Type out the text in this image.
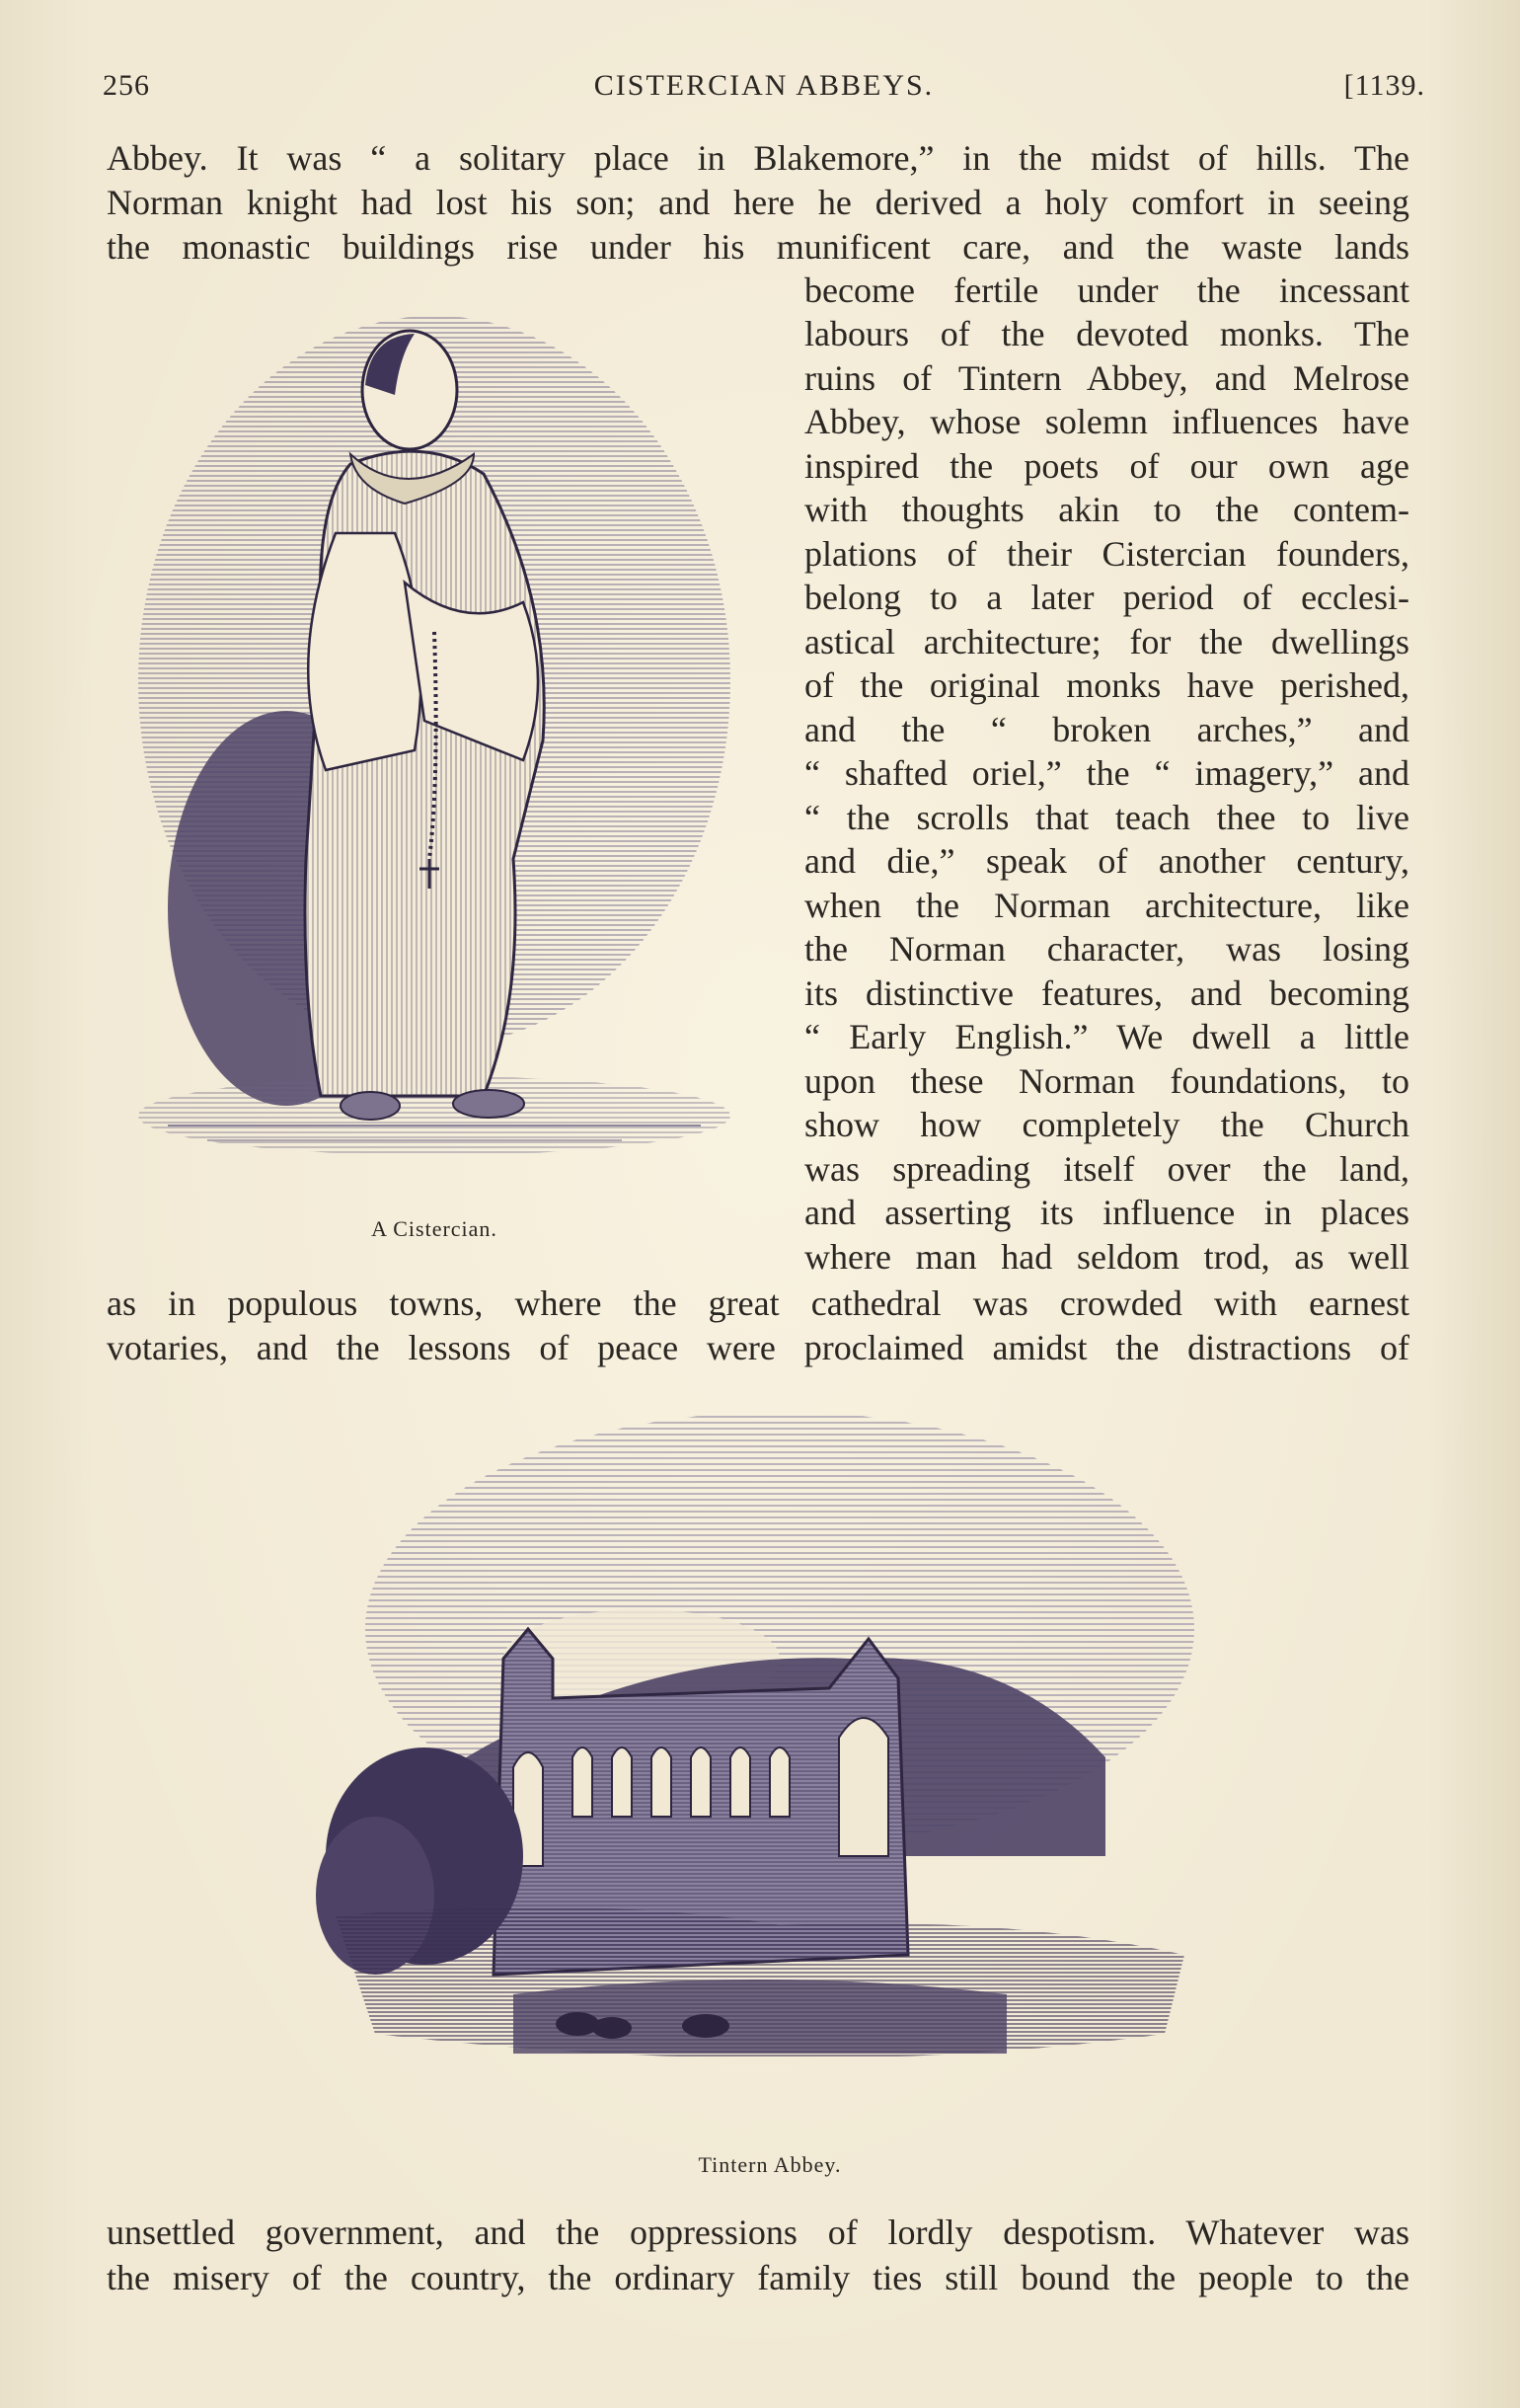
256	CISTERCIAN ABBEYS.	[1139.
Abbey. It was “ a solitary place in Blakemore,” in the midst of hills. The
Norman knight had lost his son; and here he derived a holy comfort in seeing
the monastic buildings rise under his munificent care, and the waste lands
become fertile under the incessant
labours of the devoted monks. The
ruins of Tintern Abbey, and Melrose
Abbey, whose solemn influences have
inspired the poets of our own age
with thoughts akin to the contem-
plations of their Cistercian founders,
belong to a later period of ecclesi-
astical architecture; for the dwellings
of the original monks have perished,
and the “ broken arches,” and
“ shafted oriel,” the “ imagery,” and
“ the scrolls that teach thee to live
and die,” speak of another century,
when the Norman architecture, like
the Norman character, was losing
its distinctive features, and becoming
“ Early English.” We dwell a little
upon these Norman foundations, to
show how completely the Church
was spreading itself over the land,
and asserting its influence in places
where man had seldom trod, as well
A Cistercian.
as in populous towns, where the great cathedral was crowded with earnest
votaries, and the lessons of peace were proclaimed amidst the distractions of
Tintern Abbey.
unsettled government, and the oppressions of lordly despotism. Whatever was
the misery of the country, the ordinary family ties still bound the people to the
